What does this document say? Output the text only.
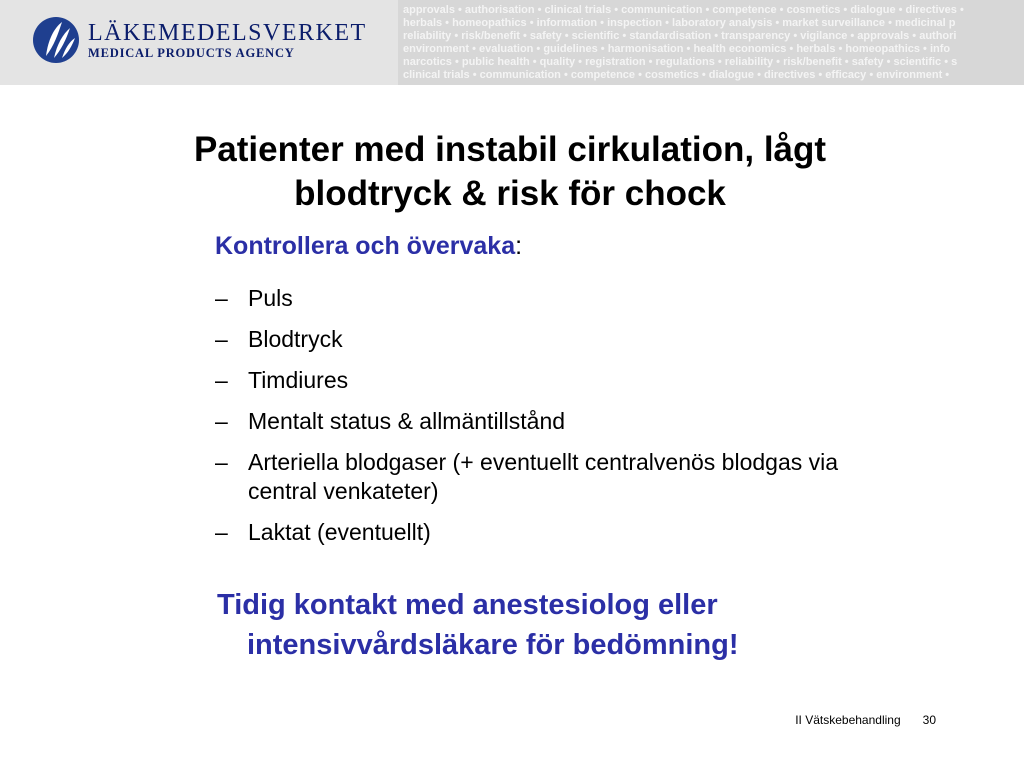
LÄKEMEDELSVERKET
MEDICAL PRODUCTS AGENCY
approvals • authorisation • clinical trials • communication • competence • cosmetics • dialogue • directives •
herbals • homeopathics • information • inspection • laboratory analysis • market surveillance • medicinal p
reliability • risk/benefit • safety • scientific • standardisation • transparency • vigilance • approvals • authori
environment • evaluation • guidelines • harmonisation • health economics • herbals • homeopathics • info
narcotics • public health • quality • registration • regulations • reliability • risk/benefit • safety • scientific • s
clinical trials • communication • competence • cosmetics • dialogue • directives • efficacy • environment •
Patienter med instabil cirkulation, lågt
blodtryck & risk för chock
Kontrollera och övervaka:
– Puls
– Blodtryck
– Timdiures
– Mentalt status & allmäntillstånd
– Arteriella blodgaser (+ eventuellt centralvenös blodgas via central venkateter)
– Laktat (eventuellt)
Tidig kontakt med anestesiolog eller intensivvårdsläkare för bedömning!
II Vätskebehandling 30
